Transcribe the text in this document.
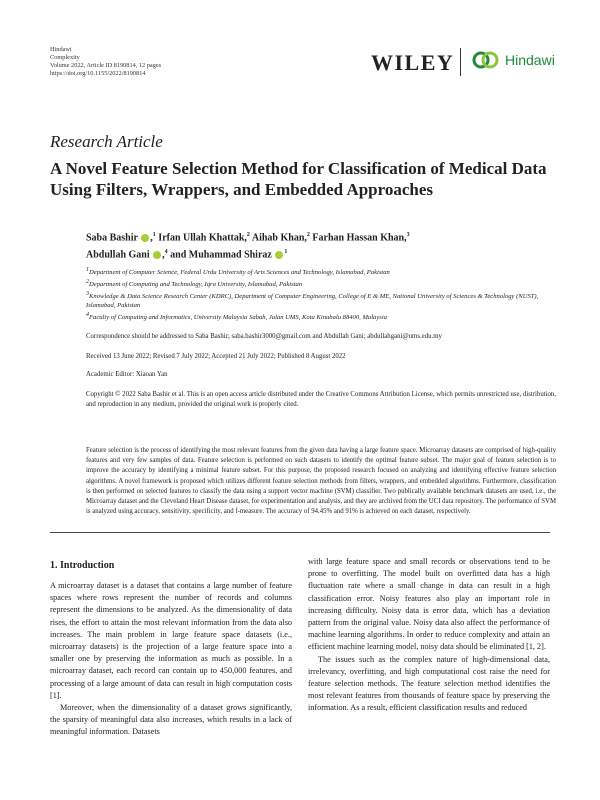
Hindawi
Complexity
Volume 2022, Article ID 8190814, 12 pages
https://doi.org/10.1155/2022/8190814	WILEY	Hindawi
Research Article
A Novel Feature Selection Method for Classification of Medical Data Using Filters, Wrappers, and Embedded Approaches
Saba Bashir ,$^1$ Irfan Ullah Khattak,$^2$ Aihab Khan,$^2$ Farhan Hassan Khan,$^3$
Abdullah Gani ,$^4$ and Muhammad Shiraz $^1$
$^1$Department of Computer Science, Federal Urdu University of Arts Sciences and Technology, Islamabad, Pakistan
$^2$Department of Computing and Technology, Iqra University, Islamabad, Pakistan
$^3$Knowledge & Data Science Research Center (KDRC), Department of Computer Engineering, College of E & ME, National University of Sciences & Technology (NUST), Islamabad, Pakistan
$^4$Faculty of Computing and Informatics, University Malaysia Sabah, Jalan UMS, Kota Kinabalu 88400, Malaysia
Correspondence should be addressed to Saba Bashir; saba.bashir3000@gmail.com and Abdullah Gani; abdullahgani@ums.edu.my
Received 13 June 2022; Revised 7 July 2022; Accepted 21 July 2022; Published 8 August 2022
Academic Editor: Xiaoan Yan
Copyright © 2022 Saba Bashir et al. This is an open access article distributed under the Creative Commons Attribution License, which permits unrestricted use, distribution, and reproduction in any medium, provided the original work is properly cited.
Feature selection is the process of identifying the most relevant features from the given data having a large feature space. Microarray datasets are comprised of high-quality features and very few samples of data. Feature selection is performed on such datasets to identify the optimal feature subset. The major goal of feature selection is to improve the accuracy by identifying a minimal feature subset. For this purpose, the proposed research focused on analyzing and identifying effective feature selection algorithms. A novel framework is proposed which utilizes different feature selection methods from filters, wrappers, and embedded algorithms. Furthermore, classification is then performed on selected features to classify the data using a support vector machine (SVM) classifier. Two publically available benchmark datasets are used, i.e., the Microarray dataset and the Cleveland Heart Disease dataset, for experimentation and analysis, and they are archived from the UCI data repository. The performance of SVM is analyzed using accuracy, sensitivity, specificity, and f-measure. The accuracy of 94.45% and 91% is achieved on each dataset, respectively.
1. Introduction

A microarray dataset is a dataset that contains a large number of feature spaces where rows represent the number of records and columns represent the dimensions to be analyzed. As the dimensionality of data rises, the effort to attain the most relevant information from the data also increases. The main problem in large feature space datasets (i.e., microarray datasets) is the projection of a large feature space into a smaller one by preserving the information as much as possible. In a microarray dataset, each record can contain up to 450,000 features, and processing of a large amount of data can result in high computation costs [1].

Moreover, when the dimensionality of a dataset grows significantly, the sparsity of meaningful data also increases, which results in a lack of meaningful information. Datasets

with large feature space and small records or observations tend to be prone to overfitting. The model built on overfitted data has a high fluctuation rate where a small change in data can result in a high classification error. Noisy features also play an important role in increasing difficulty. Noisy data is error data, which has a deviation pattern from the original value. Noisy data also affect the performance of machine learning algorithms. In order to reduce complexity and attain an efficient machine learning model, noisy data should be eliminated [1, 2].

The issues such as the complex nature of high-dimensional data, irrelevancy, overfitting, and high computational cost raise the need for feature selection methods. The feature selection method identifies the most relevant features from thousands of feature space by preserving the information. As a result, efficient classification results and reduced
